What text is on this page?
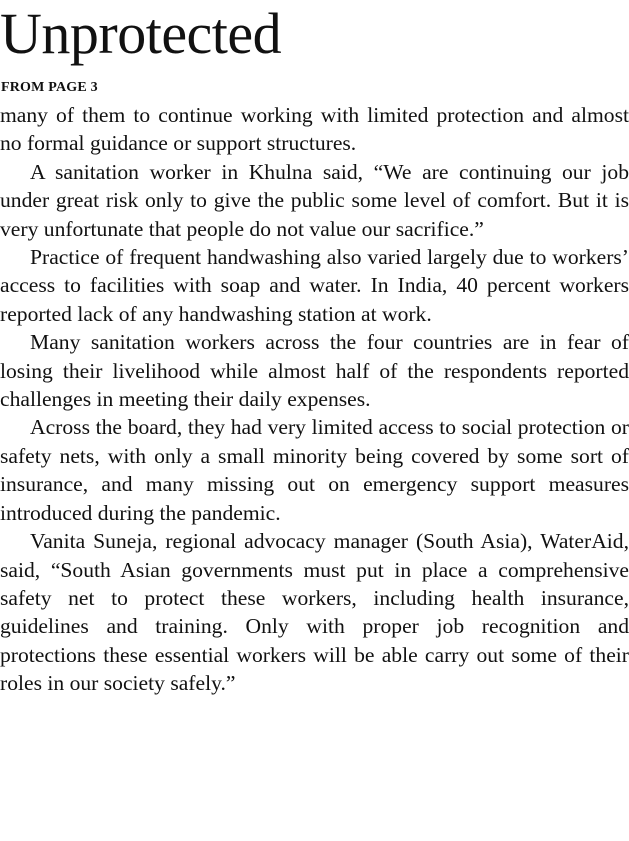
Unprotected
FROM PAGE 3

many of them to continue working with limited protection and almost no formal guidance or support structures.

A sanitation worker in Khulna said, “We are continuing our job under great risk only to give the public some level of comfort. But it is very unfortunate that people do not value our sacrifice.”

Practice of frequent handwashing also varied largely due to workers’ access to facilities with soap and water. In India, 40 percent workers reported lack of any handwashing station at work.

Many sanitation workers across the four countries are in fear of losing their livelihood while almost half of the respondents reported challenges in meeting their daily expenses.

Across the board, they had very limited access to social protection or safety nets, with only a small minority being covered by some sort of insurance, and many missing out on emergency support measures introduced during the pandemic.

Vanita Suneja, regional advocacy manager (South Asia), WaterAid, said, “South Asian governments must put in place a comprehensive safety net to protect these workers, including health insurance, guidelines and training. Only with proper job recognition and protections these essential workers will be able carry out some of their roles in our society safely.”
